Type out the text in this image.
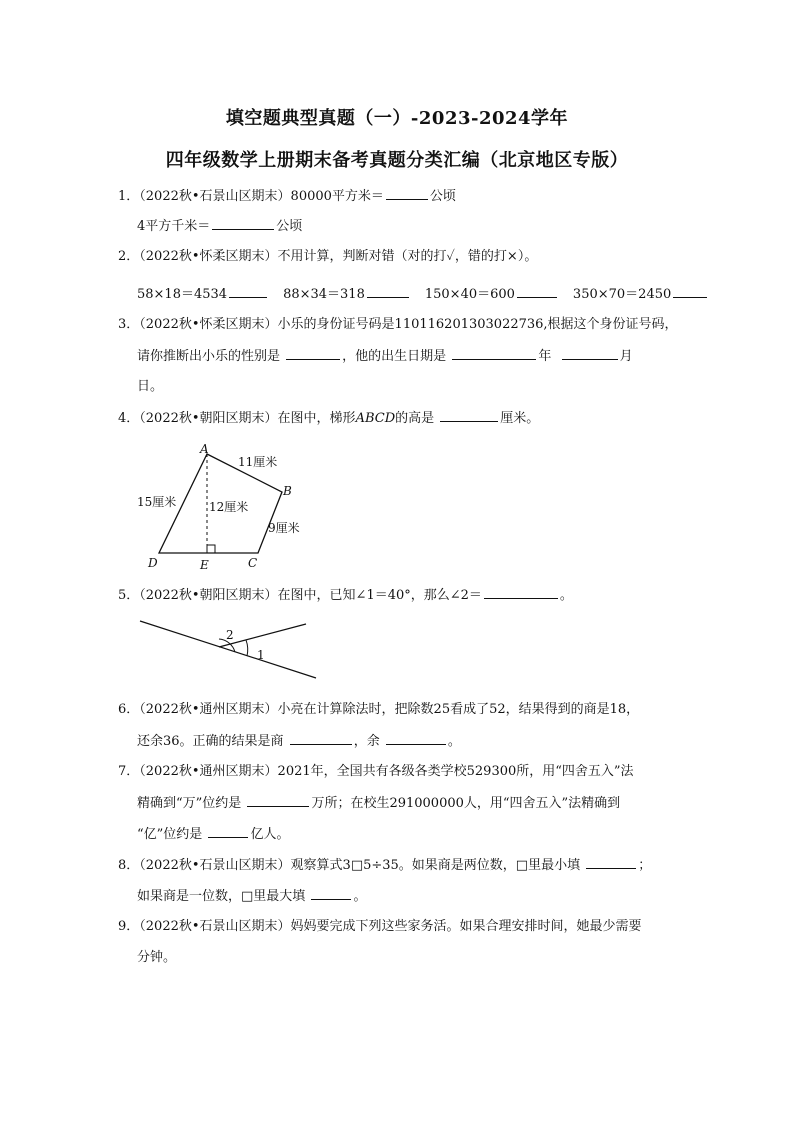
填空题典型真题（一）-2023-2024学年
四年级数学上册期末备考真题分类汇编（北京地区专版）
1．（2022秋•石景山区期末）80000平方米＝	公顷
4平方千米＝	公顷
2．（2022秋•怀柔区期末）不用计算，判断对错（对的打✓，错的打×）。
58×18＝4534	88×34＝318	150×40＝600	350×70＝2450
3．（2022秋•怀柔区期末）小乐的身份证号码是110116201303022736,根据这个身份证号码，
请你推断出小乐的性别是	，他的出生日期是	年	月
日。
4．（2022秋•朝阳区期末）在图中，梯形ABCD的高是	厘米。
A
B
C
D	E
11厘米
15厘米	12厘米
9厘米
5．（2022秋•朝阳区期末）在图中，已知∠1＝40°，那么∠2＝	。
2
1
6．（2022秋•通州区期末）小亮在计算除法时，把除数25看成了52，结果得到的商是18，
还余36。正确的结果是商	，余	。
7．（2022秋•通州区期末）2021年，全国共有各级各类学校529300所，用“四舍五入”法
精确到“万”位约是	万所；在校生291000000人，用“四舍五入”法精确到
“亿”位约是	亿人。
8．（2022秋•石景山区期末）观察算式3□5÷35。如果商是两位数，□里最小填	；
如果商是一位数，□里最大填	。
9．（2022秋•石景山区期末）妈妈要完成下列这些家务活。如果合理安排时间，她最少需要
分钟。
